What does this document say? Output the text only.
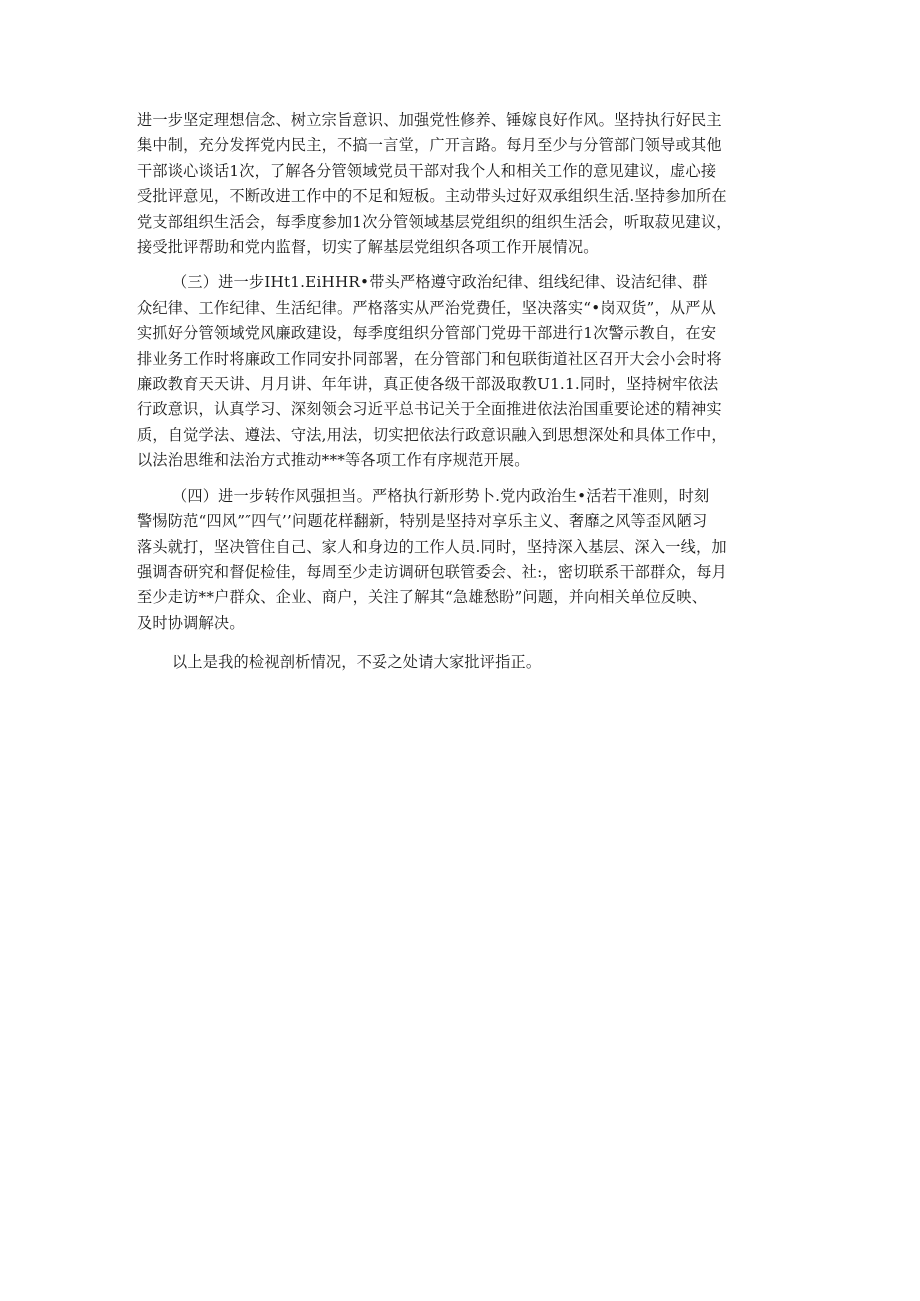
进一步坚定理想信念、树立宗旨意识、加强党性修养、锤嫁良好作风。坚持执行好民主
集中制，充分发挥党内民主，不搞一言堂，广开言路。每月至少与分管部门领导或其他
干部谈心谈话1次，了解各分管领域党员干部对我个人和相关工作的意见建议，虚心接
受批评意见，不断改进工作中的不足和短板。主动带头过好双承组织生活.坚持参加所在
党支部组织生活会，每季度参加1次分管领域基层党组织的组织生活会，听取菽见建议，
接受批评帮助和党内监督，切实了解基层党组织各项工作开展情况。

（三）进一步IHt1.EiHHR•带头严格遵守政治纪律、组线纪律、设洁纪律、群
众纪律、工作纪律、生活纪律。严格落实从严治党费任，坚决落实“•岗双货”，从严从
实抓好分管领域党风廉政建设，每季度组织分管部门党毋干部进行1次警示教自，在安
排业务工作时将廉政工作同安扑同部署，在分管部门和包联街道社区召开大会小会时将
廉政教育天天讲、月月讲、年年讲，真正使各级干部汲取教U1.1.同时，坚持树牢依法
行政意识，认真学习、深刻领会习近平总书记关于全面推进依法治国重要论述的精神实
质，自觉学法、遵法、守法,用法，切实把依法行政意识融入到思想深处和具体工作中，
以法治思维和法治方式推动***等各项工作有序规范开展。

（四）进一步转作风强担当。严格执行新形势卜.党内政治生•活若干准则，时刻
警惕防范“四风”″四气’’问题花样翻新，特别是坚持对享乐主义、奢靡之风等歪风陋习
落头就打，坚决管住自己、家人和身边的工作人员.同时，坚持深入基层、深入一线，加
强调杳研究和督促检佳，每周至少走访调研包联管委会、社:，密切联系干部群众，每月
至少走访**户群众、企业、商户，关注了解其“急雄愁盼”问题，并向相关单位反映、
及时协调解决。

以上是我的检视剖析情况，不妥之处请大家批评指正。
